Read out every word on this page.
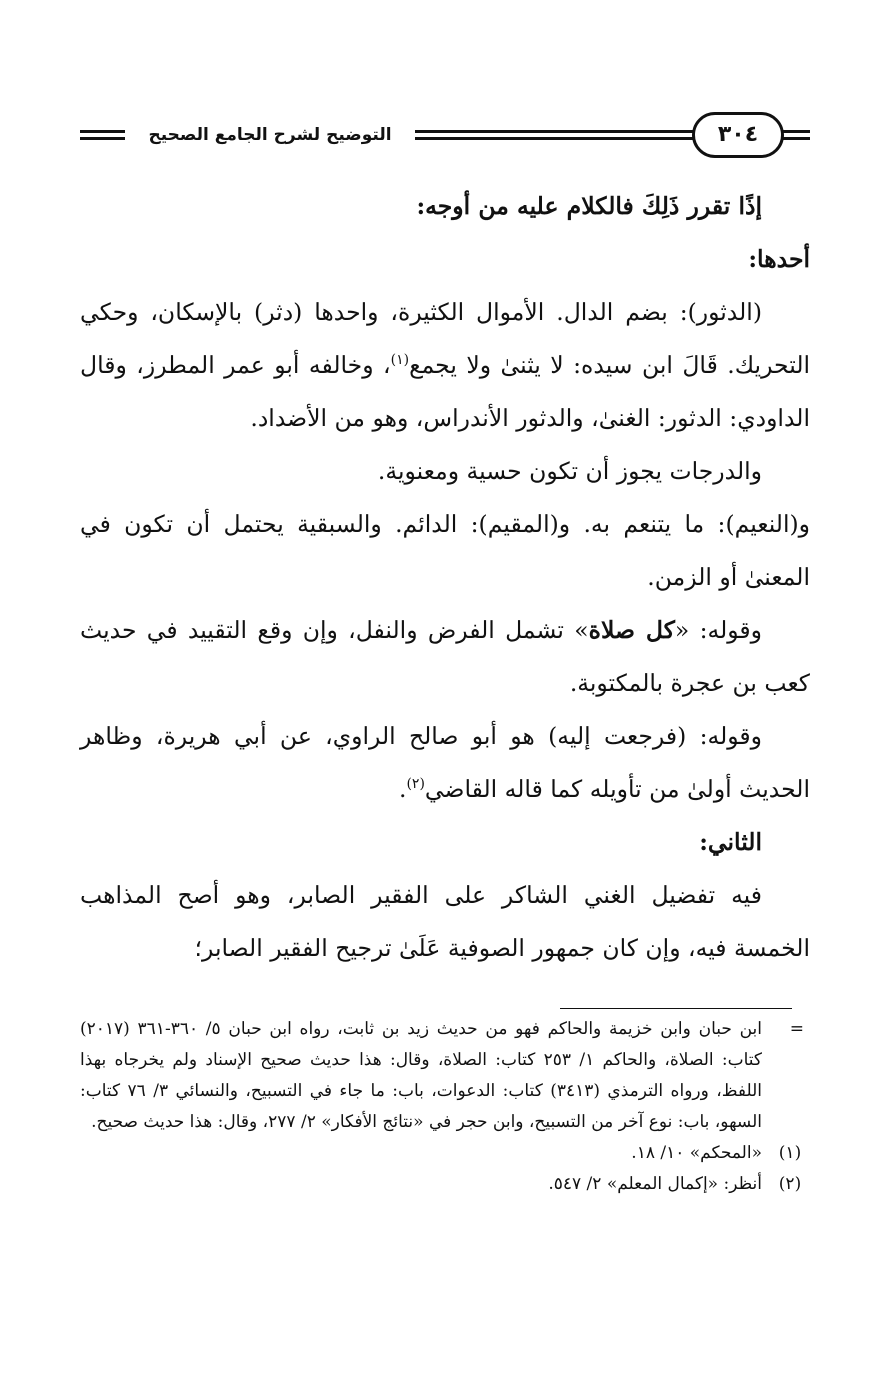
التوضيح لشرح الجامع الصحيح	٣٠٤

إذًا تقرر ذَلِكَ فالكلام عليه من أوجه:

أحدها:

(الدثور): بضم الدال. الأموال الكثيرة، واحدها (دثر) بالإسكان، وحكي التحريك. قَالَ ابن سيده: لا يثنىٰ ولا يجمع$^{(١)}$، وخالفه أبو عمر المطرز، وقال الداودي: الدثور: الغنىٰ، والدثور الأندراس، وهو من الأضداد.

والدرجات يجوز أن تكون حسية ومعنوية.

و(النعيم): ما يتنعم به. و(المقيم): الدائم. والسبقية يحتمل أن تكون في المعنىٰ أو الزمن.

وقوله: «كل صلاة» تشمل الفرض والنفل، وإن وقع التقييد في حديث كعب بن عجرة بالمكتوبة.

وقوله: (فرجعت إليه) هو أبو صالح الراوي، عن أبي هريرة، وظاهر الحديث أولىٰ من تأويله كما قاله القاضي$^{(٢)}$.

الثاني:

فيه تفضيل الغني الشاكر على الفقير الصابر، وهو أصح المذاهب الخمسة فيه، وإن كان جمهور الصوفية عَلَىٰ ترجيح الفقير الصابر؛

=
ابن حبان وابن خزيمة والحاكم فهو من حديث زيد بن ثابت، رواه ابن حبان ٥/ ٣٦٠-٣٦١ (٢٠١٧) كتاب: الصلاة، والحاكم ١/ ٢٥٣ كتاب: الصلاة، وقال: هذا حديث صحيح الإسناد ولم يخرجاه بهذا اللفظ، ورواه الترمذي (٣٤١٣) كتاب: الدعوات، باب: ما جاء في التسبيح، والنسائي ٣/ ٧٦ كتاب: السهو، باب: نوع آخر من التسبيح، وابن حجر في «نتائج الأفكار» ٢/ ٢٧٧، وقال: هذا حديث صحيح.

(١)
«المحكم» ١٠/ ١٨.

(٢)
أنظر: «إكمال المعلم» ٢/ ٥٤٧.
